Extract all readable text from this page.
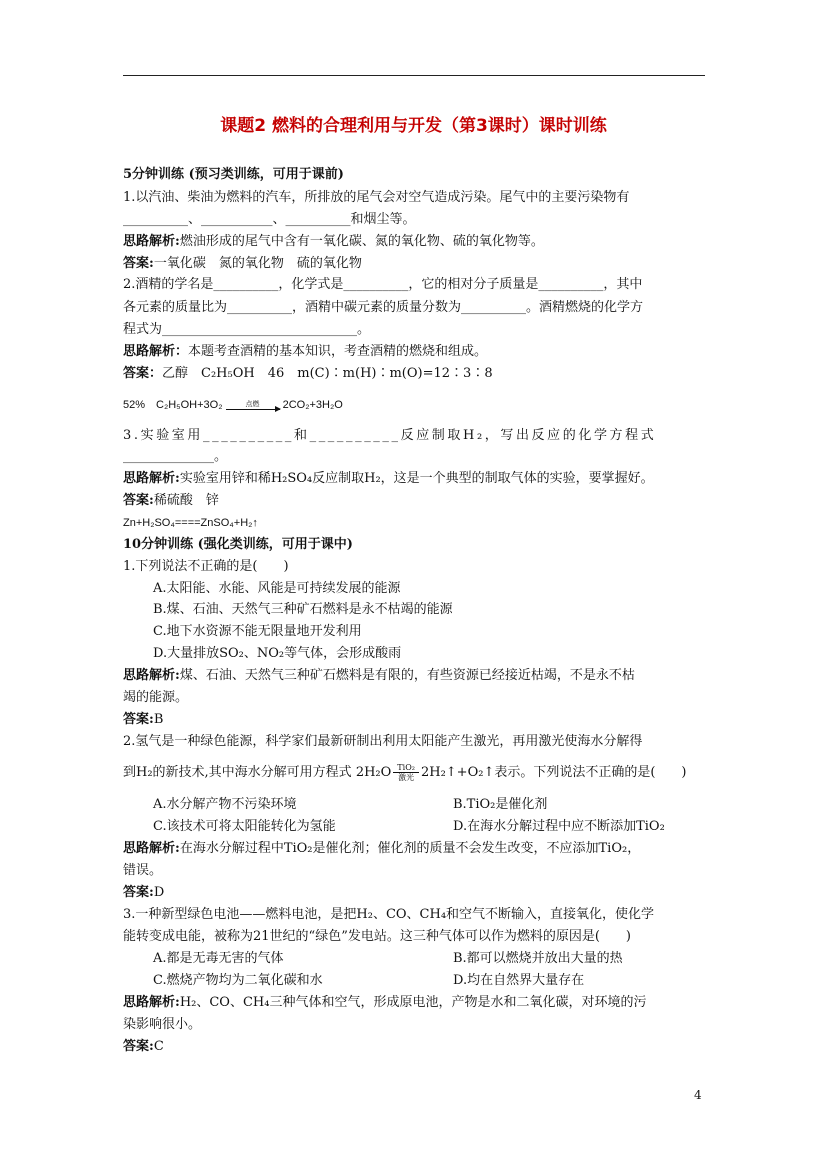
课题2 燃料的合理利用与开发（第3课时）课时训练
5分钟训练 (预习类训练，可用于课前)
1.以汽油、柴油为燃料的汽车，所排放的尾气会对空气造成污染。尾气中的主要污染物有
__________、___________、__________和烟尘等。
思路解析:燃油形成的尾气中含有一氧化碳、氮的氧化物、硫的氧化物等。
答案:一氧化碳　氮的氧化物　硫的氧化物
2.酒精的学名是__________，化学式是__________，它的相对分子质量是__________，其中
各元素的质量比为__________，酒精中碳元素的质量分数为__________。酒精燃烧的化学方
程式为______________________________。
思路解析：本题考查酒精的基本知识，考查酒精的燃烧和组成。
答案：乙醇　C₂H₅OH　46　m(C)∶m(H)∶m(O)=12∶3∶8
52%　C₂H₅OH+3O₂	点燃	2CO₂+3H₂O
3.实验室用__________和__________反应制取H₂，写出反应的化学方程式
______________。
思路解析:实验室用锌和稀H₂SO₄反应制取H₂，这是一个典型的制取气体的实验，要掌握好。
答案:稀硫酸　锌
Zn+H₂SO₄====ZnSO₄+H₂↑
10分钟训练 (强化类训练，可用于课中)
1.下列说法不正确的是(　　)
A.太阳能、水能、风能是可持续发展的能源
B.煤、石油、天然气三种矿石燃料是永不枯竭的能源
C.地下水资源不能无限量地开发利用
D.大量排放SO₂、NO₂等气体，会形成酸雨
思路解析:煤、石油、天然气三种矿石燃料是有限的，有些资源已经接近枯竭，不是永不枯
竭的能源。
答案:B
2.氢气是一种绿色能源，科学家们最新研制出利用太阳能产生激光，再用激光使海水分解得
到H₂的新技术,其中海水分解可用方程式 $2H_2O \frac{\text{TiO₂}}{\text{激光}}$ 2H₂↑+O₂↑表示。下列说法不正确的是(　　)
A.水分解产物不污染环境	B.TiO₂是催化剂
C.该技术可将太阳能转化为氢能	D.在海水分解过程中应不断添加TiO₂
思路解析:在海水分解过程中TiO₂是催化剂；催化剂的质量不会发生改变，不应添加TiO₂，
错误。
答案:D
3.一种新型绿色电池——燃料电池，是把H₂、CO、CH₄和空气不断输入，直接氧化，使化学
能转变成电能，被称为21世纪的“绿色”发电站。这三种气体可以作为燃料的原因是(　　)
A.都是无毒无害的气体	B.都可以燃烧并放出大量的热
C.燃烧产物均为二氧化碳和水	D.均在自然界大量存在
思路解析:H₂、CO、CH₄三种气体和空气，形成原电池，产物是水和二氧化碳，对环境的污
染影响很小。
答案:C
4
